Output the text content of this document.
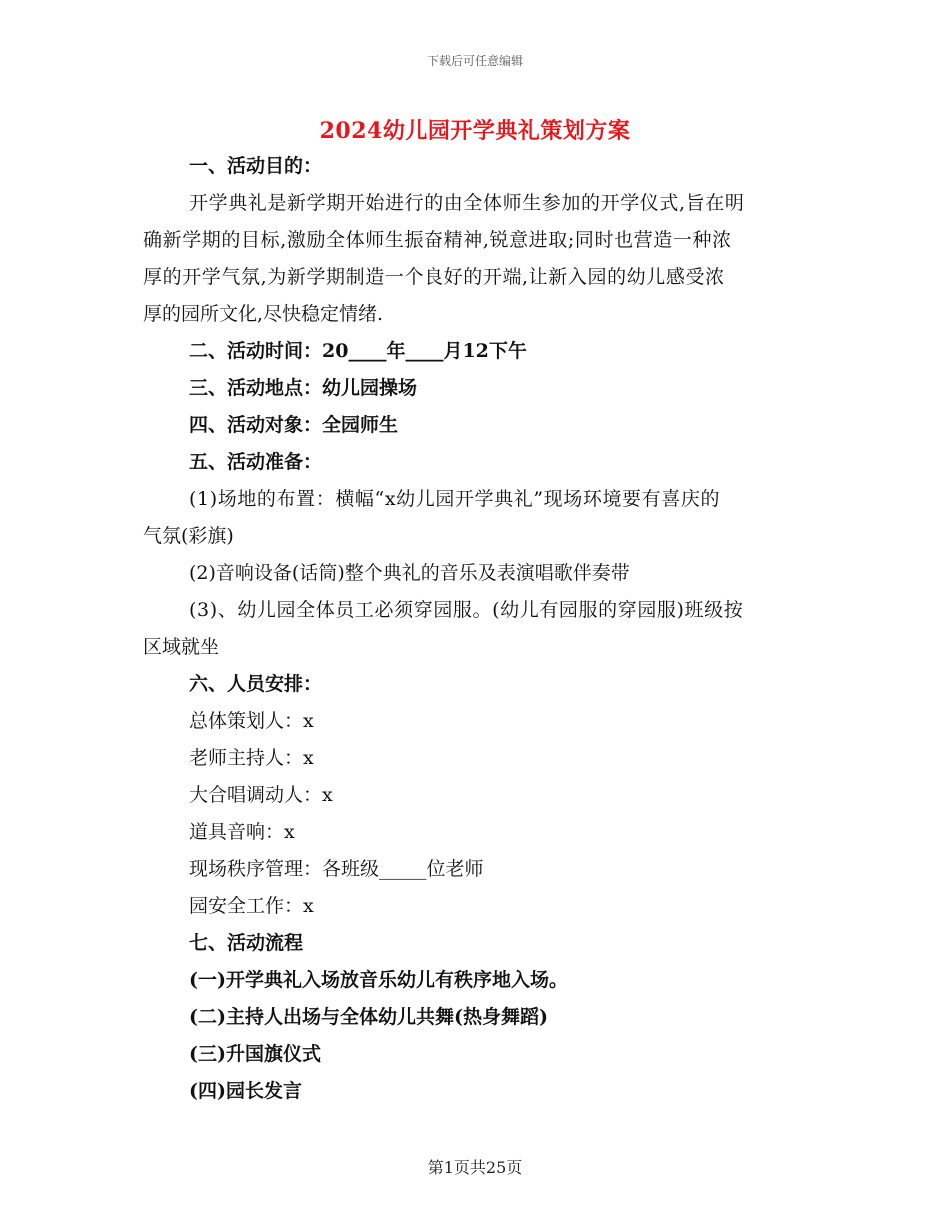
下载后可任意编辑
2024幼儿园开学典礼策划方案
一、活动目的：
开学典礼是新学期开始进行的由全体师生参加的开学仪式,旨在明
确新学期的目标,激励全体师生振奋精神,锐意进取;同时也营造一种浓
厚的开学气氛,为新学期制造一个良好的开端,让新入园的幼儿感受浓
厚的园所文化,尽快稳定情绪.
二、活动时间：20____年____月12下午
三、活动地点：幼儿园操场
四、活动对象：全园师生
五、活动准备：
(1)场地的布置：横幅“x幼儿园开学典礼”现场环境要有喜庆的
气氛(彩旗)
(2)音响设备(话筒)整个典礼的音乐及表演唱歌伴奏带
(3)、幼儿园全体员工必须穿园服。(幼儿有园服的穿园服)班级按
区域就坐
六、人员安排：
总体策划人：x
老师主持人：x
大合唱调动人：x
道具音响：x
现场秩序管理：各班级_____位老师
园安全工作：x
七、活动流程
(一)开学典礼入场放音乐幼儿有秩序地入场。
(二)主持人出场与全体幼儿共舞(热身舞蹈)
(三)升国旗仪式
(四)园长发言
第1页共25页
